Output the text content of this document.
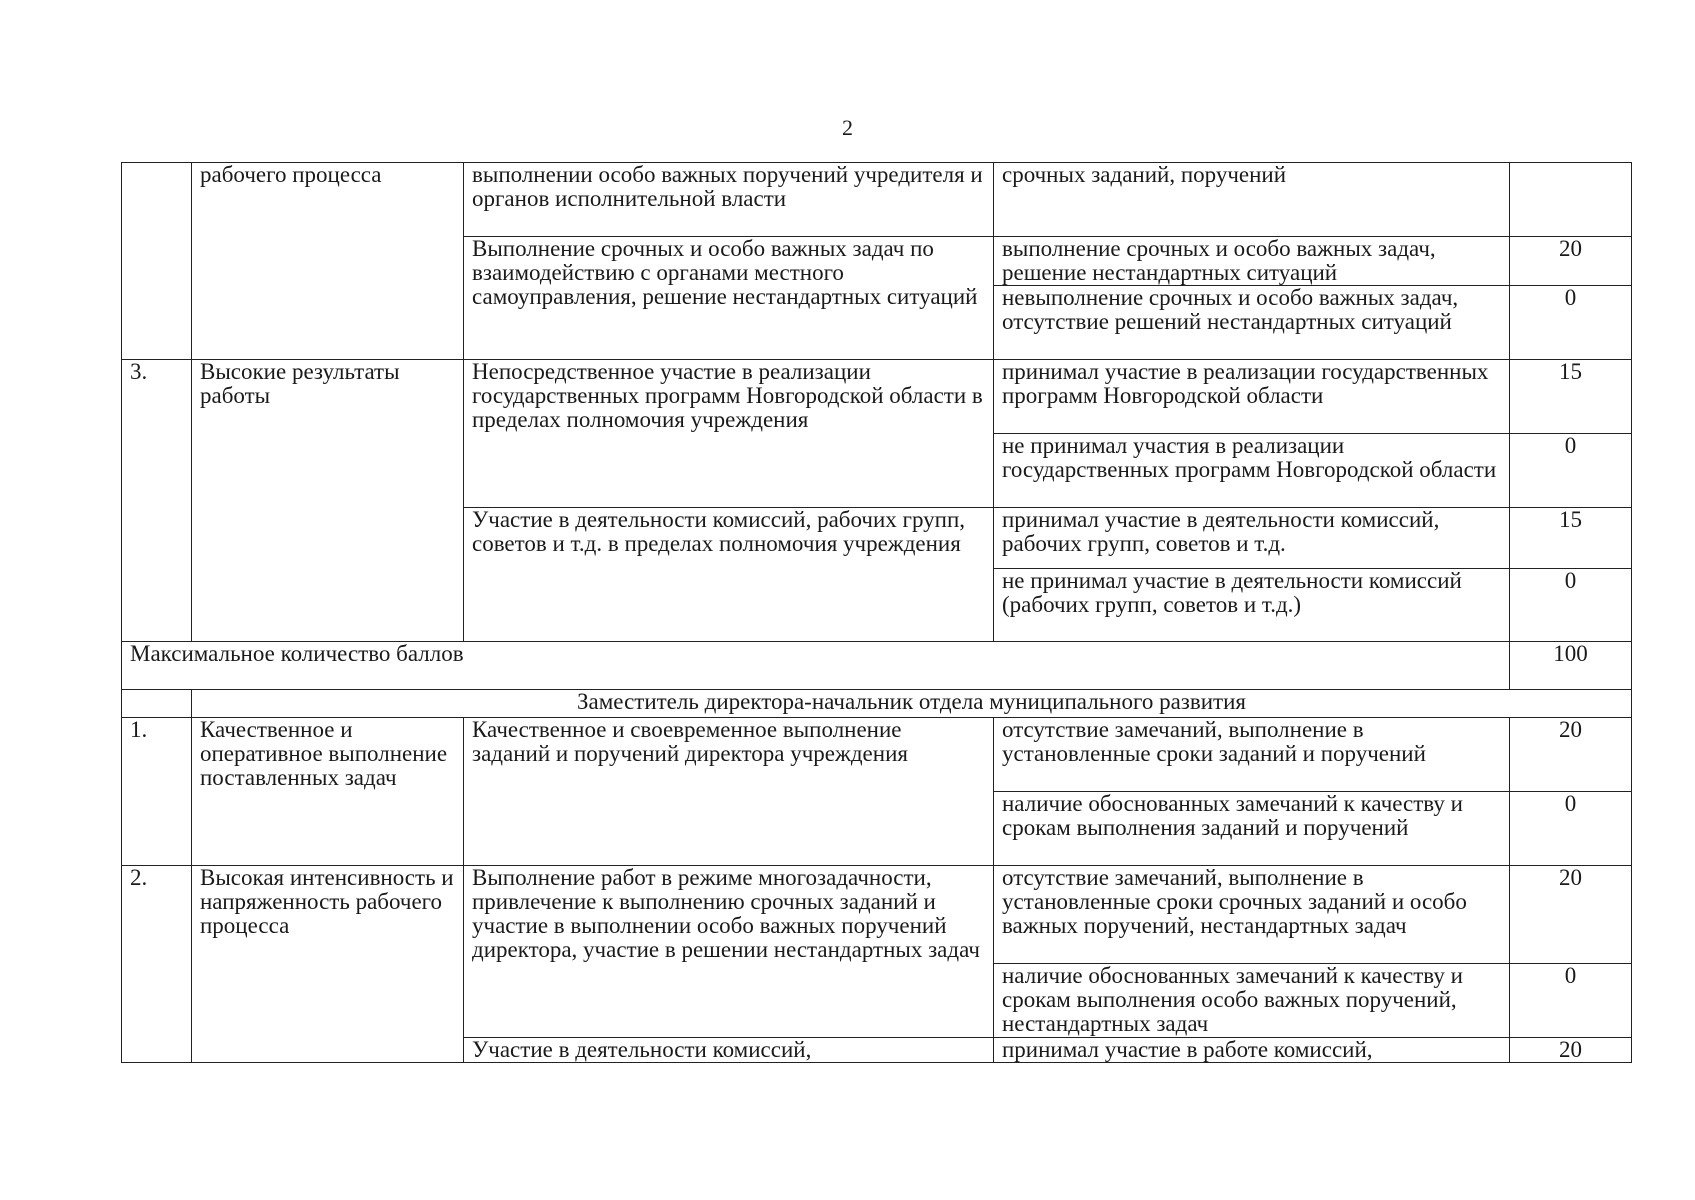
2
	рабочего процесса	выполнении особо важных поручений учредителя и органов исполнительной власти	срочных заданий, поручений	
		Выполнение срочных и особо важных задач по взаимодействию с органами местного самоуправления, решение нестандартных ситуаций	выполнение срочных и особо важных задач, решение нестандартных ситуаций	20
			невыполнение срочных и особо важных задач, отсутствие решений нестандартных ситуаций	0
3.	Высокие результаты работы	Непосредственное участие в реализации государственных программ Новгородской области в пределах полномочия учреждения	принимал участие в реализации государственных программ Новгородской области	15
			не принимал участия в реализации государственных программ Новгородской области	0
		Участие в деятельности комиссий, рабочих групп, советов и т.д. в пределах полномочия учреждения	принимал участие в деятельности комиссий, рабочих групп, советов и т.д.	15
			не принимал участие в деятельности комиссий (рабочих групп, советов и т.д.)	0
Максимальное количество баллов				100
	Заместитель директора-начальник отдела муниципального развития			
1.	Качественное и оперативное выполнение поставленных задач	Качественное и своевременное выполнение заданий и поручений директора учреждения	отсутствие замечаний, выполнение в установленные сроки заданий и поручений	20
			наличие обоснованных замечаний к качеству и срокам выполнения заданий и поручений	0
2.	Высокая интенсивность и напряженность рабочего процесса	Выполнение работ в режиме многозадачности, привлечение к выполнению срочных заданий и участие в выполнении особо важных поручений директора, участие в решении нестандартных задач	отсутствие замечаний, выполнение в установленные сроки срочных заданий и особо важных поручений, нестандартных задач	20
			наличие обоснованных замечаний к качеству и срокам выполнения особо важных поручений, нестандартных задач	0
		Участие в деятельности комиссий,	принимал участие в работе комиссий,	20
